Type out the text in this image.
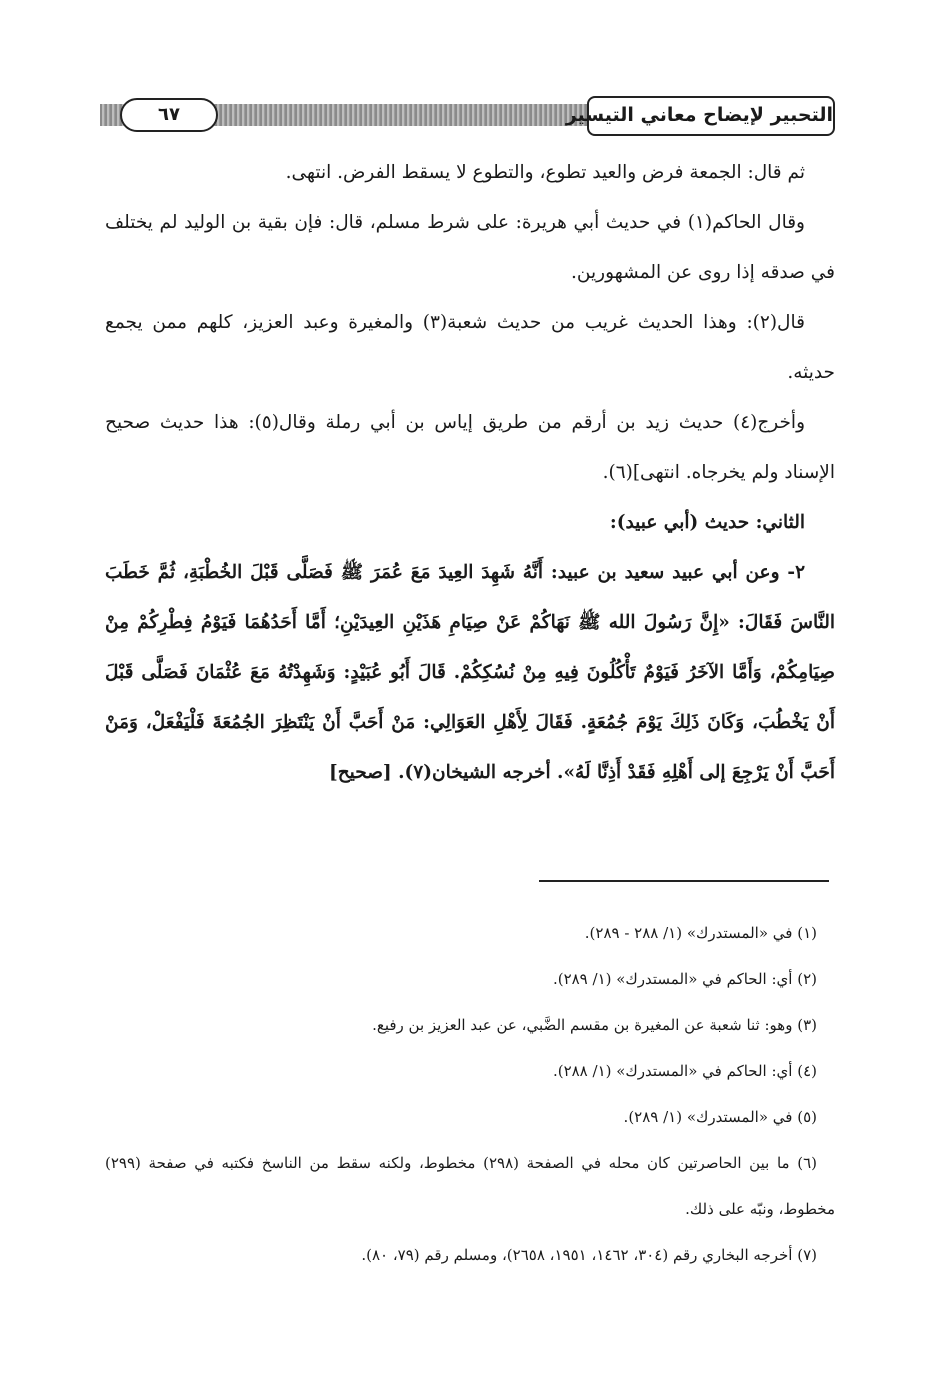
التحبير لإيضاح معاني التيسير
٦٧

ثم قال: الجمعة فرض والعيد تطوع، والتطوع لا يسقط الفرض. انتهى.

وقال الحاكم(١) في حديث أبي هريرة: على شرط مسلم، قال: فإن بقية بن الوليد لم يختلف في صدقه إذا روى عن المشهورين.

قال(٢): وهذا الحديث غريب من حديث شعبة(٣) والمغيرة وعبد العزيز، كلهم ممن يجمع حديثه.

وأخرج(٤) حديث زيد بن أرقم من طريق إياس بن أبي رملة وقال(٥): هذا حديث صحيح الإسناد ولم يخرجاه. انتهى](٦).

الثاني: حديث (أبي عبيد):

٢- وعن أبي عبيد سعيد بن عبيد: أَنَّهُ شَهِدَ العِيدَ مَعَ عُمَرَ ﷺ فَصَلَّى قَبْلَ الخُطْبَةِ، ثُمَّ خَطَبَ النَّاسَ فَقَالَ: «إِنَّ رَسُولَ الله ﷺ نَهَاكُمْ عَنْ صِيَامِ هَذَيْنِ العِيدَيْنِ؛ أَمَّا أَحَدُهُمَا فَيَوْمُ فِطْرِكُمْ مِنْ صِيَامِكُمْ، وَأَمَّا الآخَرُ فَيَوْمٌ تَأْكُلُونَ فِيهِ مِنْ نُسُكِكُمْ. قَالَ أَبُو عُبَيْدٍ: وَشَهِدْتُهُ مَعَ عُثْمَانَ فَصَلَّى قَبْلَ أَنْ يَخْطُبَ، وَكَانَ ذَلِكَ يَوْمَ جُمُعَةٍ. فَقَالَ لِأَهْلِ العَوَالِي: مَنْ أَحَبَّ أَنْ يَنْتَظِرَ الجُمُعَةَ فَلْيَفْعَلْ، وَمَنْ أَحَبَّ أَنْ يَرْجِعَ إلى أَهْلِهِ فَقَدْ أَذِنَّا لَهُ». أخرجه الشيخان(٧). [صحيح]

(١) في «المستدرك» (١/ ٢٨٨ - ٢٨٩).

(٢) أي: الحاكم في «المستدرك» (١/ ٢٨٩).

(٣) وهو: ثنا شعبة عن المغيرة بن مقسم الضَّبي، عن عبد العزيز بن رفيع.

(٤) أي: الحاكم في «المستدرك» (١/ ٢٨٨).

(٥) في «المستدرك» (١/ ٢٨٩).

(٦) ما بين الحاصرتين كان محله في الصفحة (٢٩٨) مخطوط، ولكنه سقط من الناسخ فكتبه في صفحة (٢٩٩) مخطوط، ونبّه على ذلك.

(٧) أخرجه البخاري رقم (٣٠٤، ١٤٦٢، ١٩٥١، ٢٦٥٨)، ومسلم رقم (٧٩، ٨٠).
